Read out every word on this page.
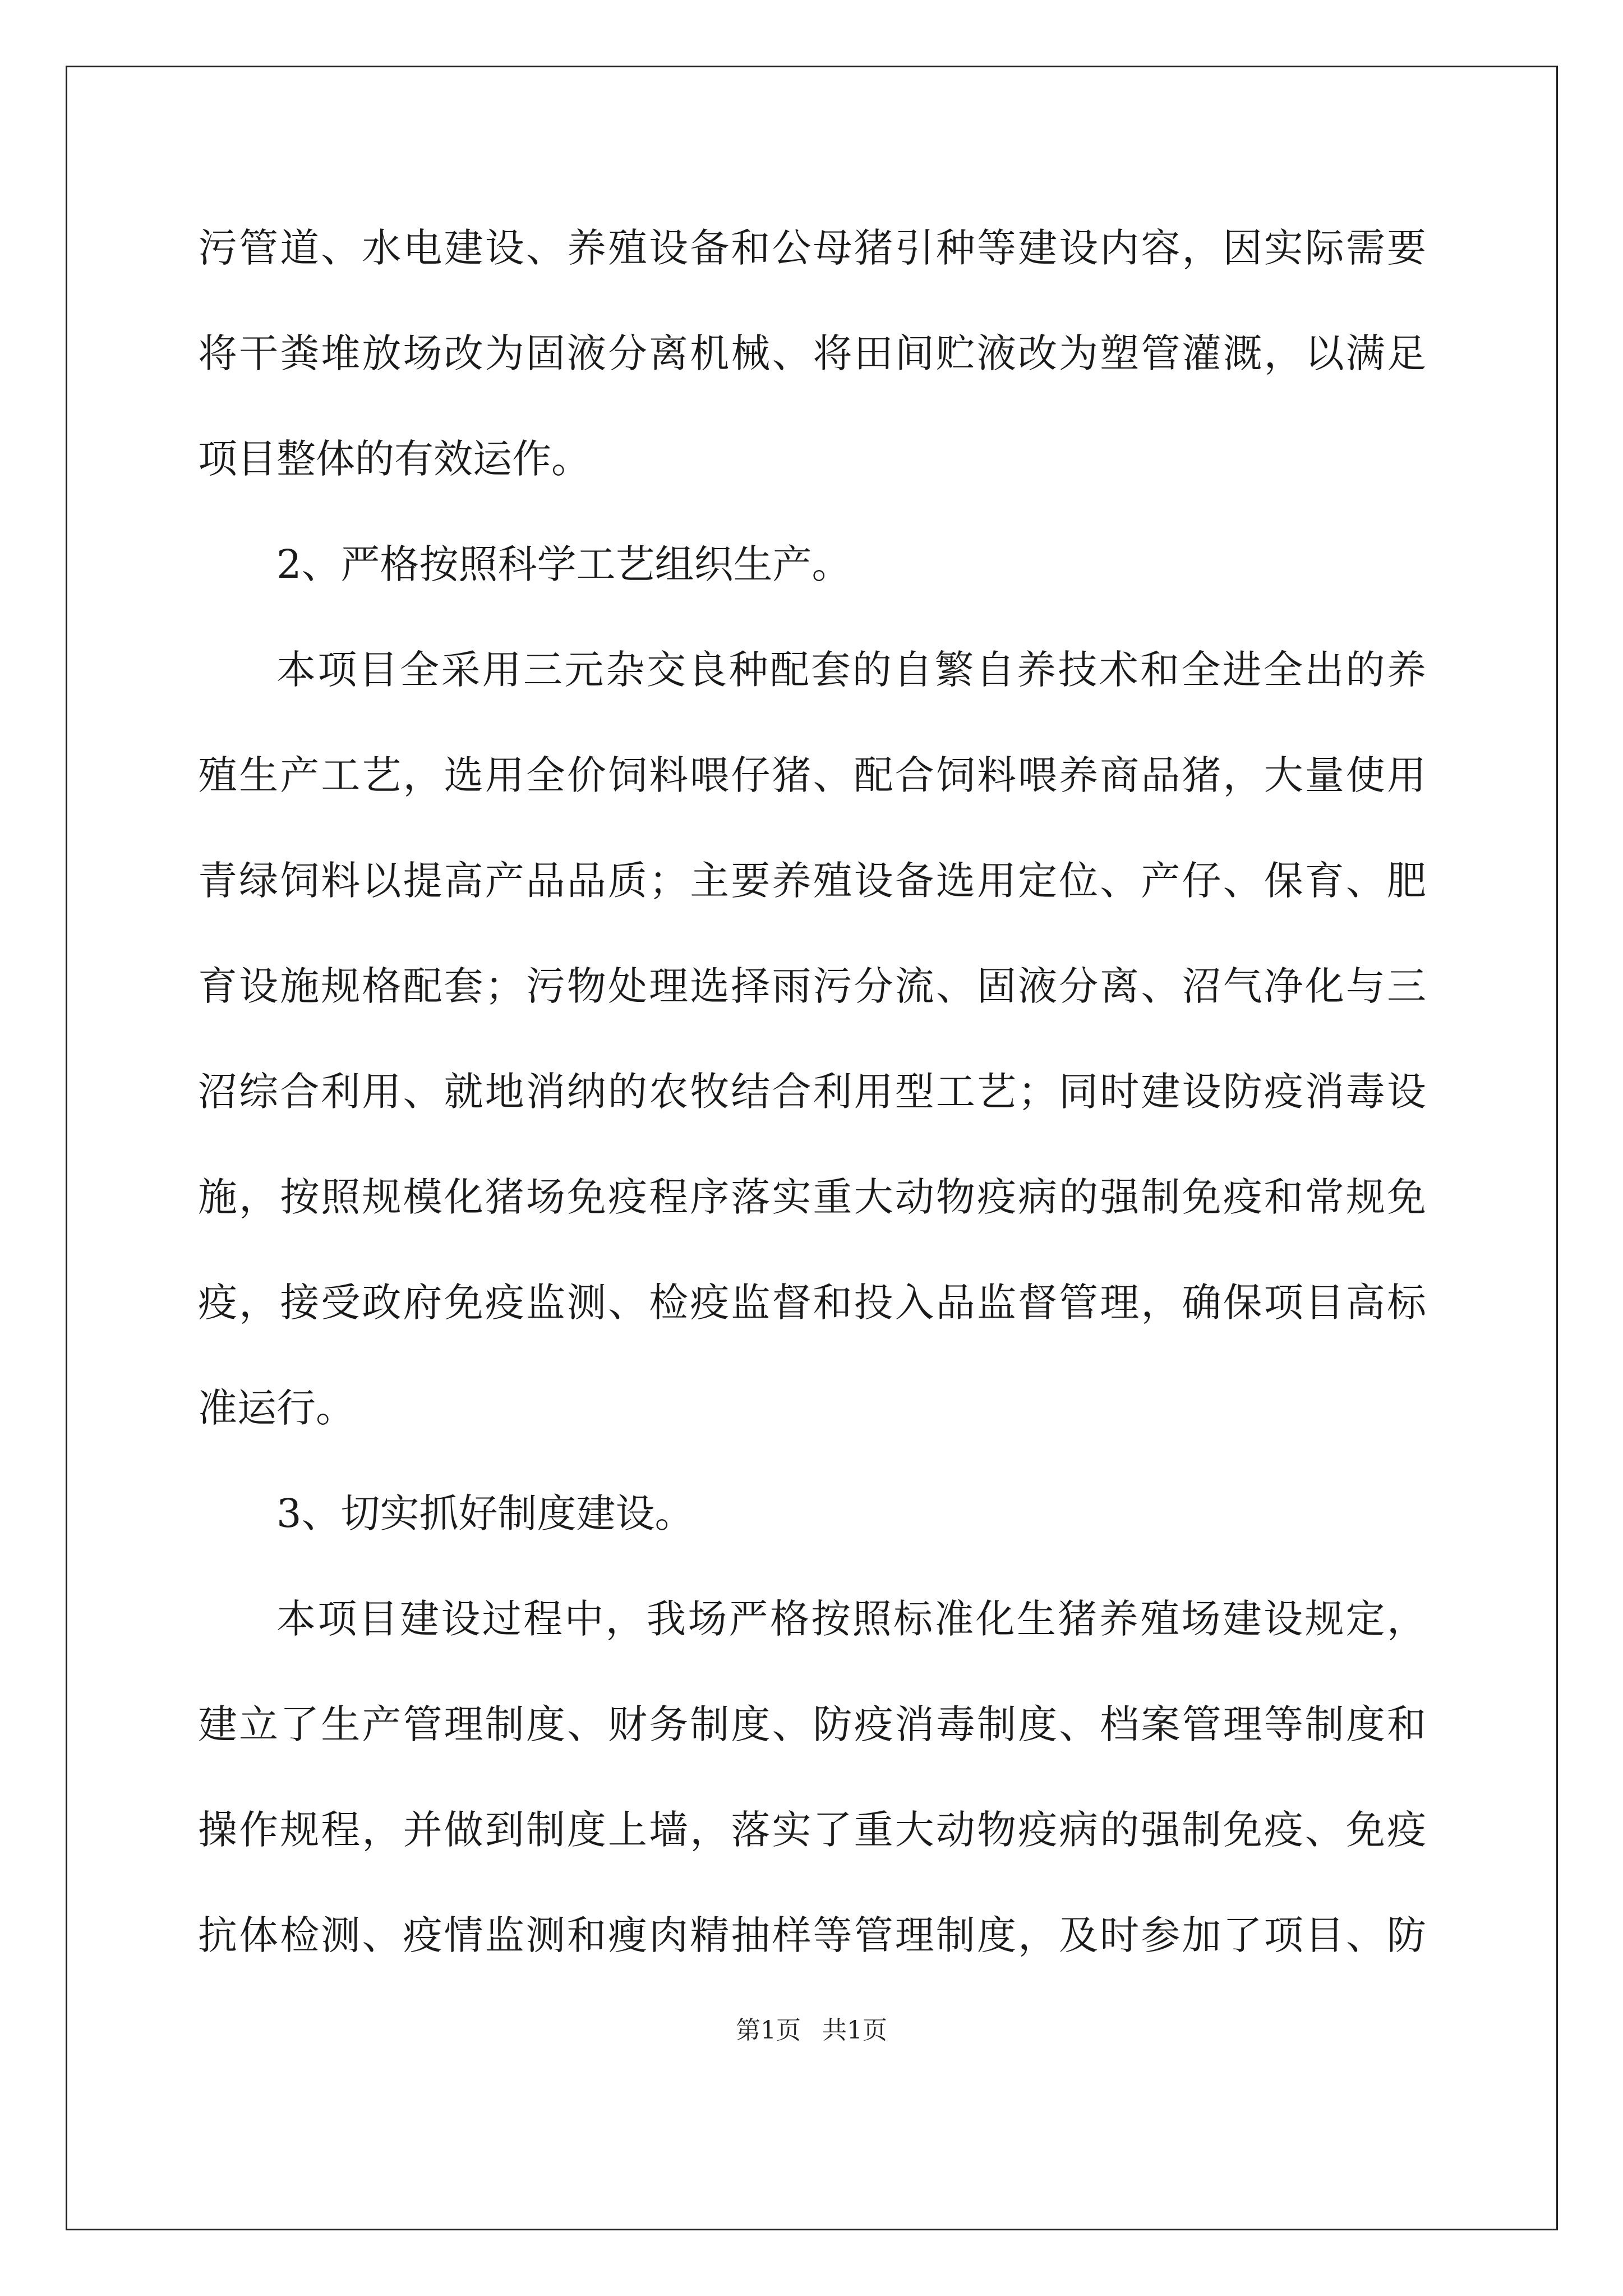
污管道、水电建设、养殖设备和公母猪引种等建设内容，因实际需要
将干粪堆放场改为固液分离机械、将田间贮液改为塑管灌溉，以满足
项目整体的有效运作。
2、严格按照科学工艺组织生产。
本项目全采用三元杂交良种配套的自繁自养技术和全进全出的养
殖生产工艺，选用全价饲料喂仔猪、配合饲料喂养商品猪，大量使用
青绿饲料以提高产品品质；主要养殖设备选用定位、产仔、保育、肥
育设施规格配套；污物处理选择雨污分流、固液分离、沼气净化与三
沼综合利用、就地消纳的农牧结合利用型工艺；同时建设防疫消毒设
施，按照规模化猪场免疫程序落实重大动物疫病的强制免疫和常规免
疫，接受政府免疫监测、检疫监督和投入品监督管理，确保项目高标
准运行。
3、切实抓好制度建设。
本项目建设过程中，我场严格按照标准化生猪养殖场建设规定，
建立了生产管理制度、财务制度、防疫消毒制度、档案管理等制度和
操作规程，并做到制度上墙，落实了重大动物疫病的强制免疫、免疫
抗体检测、疫情监测和瘦肉精抽样等管理制度，及时参加了项目、防
第1页 共1页
